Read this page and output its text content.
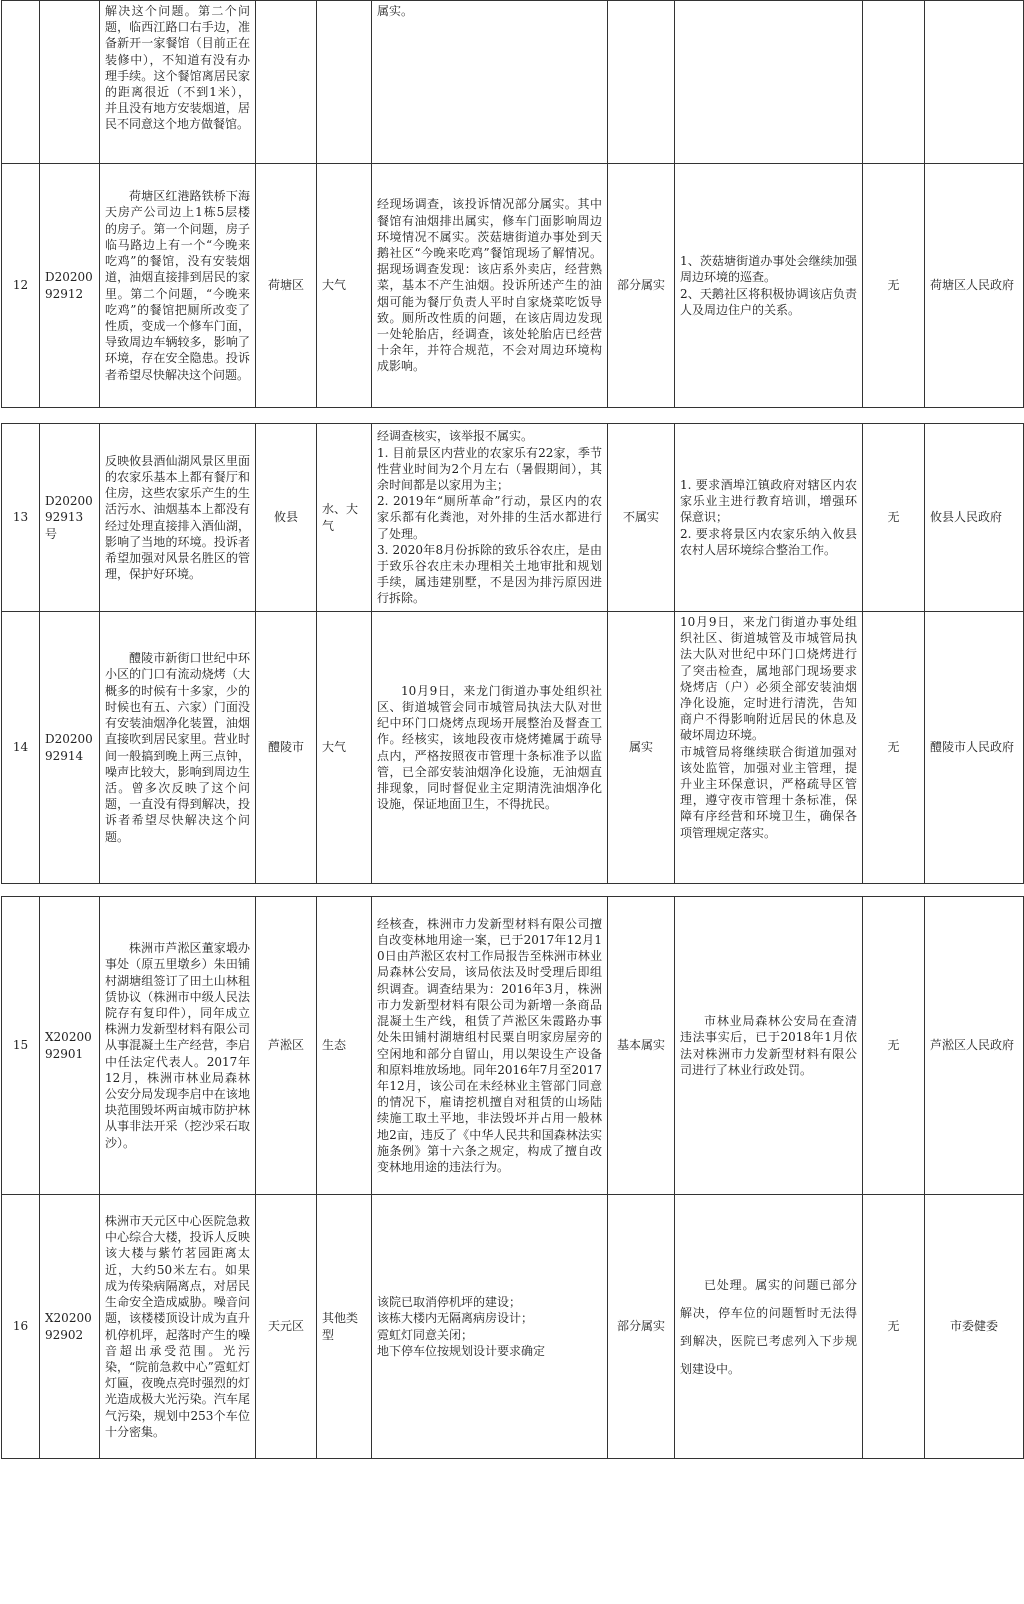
		解决这个问题。第二个问题，临西江路口右手边，准备新开一家餐馆（目前正在装修中），不知道有没有办理手续。这个餐馆离居民家的距离很近（不到1米），并且没有地方安装烟道，居民不同意这个地方做餐馆。			属实。				

12	D20200
92912	荷塘区红港路铁桥下海天房产公司边上1栋5层楼的房子。第一个问题，房子临马路边上有一个“今晚来吃鸡”的餐馆，没有安装烟道，油烟直接排到居民的家里。第二个问题，“今晚来吃鸡”的餐馆把厕所改变了性质，变成一个修车门面，导致周边车辆较多，影响了环境，存在安全隐患。投诉者希望尽快解决这个问题。	荷塘区	大气	经现场调查，该投诉情况部分属实。其中餐馆有油烟排出属实，修车门面影响周边环境情况不属实。茨菇塘街道办事处到天鹅社区“今晚来吃鸡”餐馆现场了解情况。据现场调查发现：该店系外卖店，经营熟菜，基本不产生油烟。投诉所述产生的油烟可能为餐厅负责人平时自家烧菜吃饭导致。厕所改性质的问题，在该店周边发现一处轮胎店，经调查，该处轮胎店已经营十余年，并符合规范，不会对周边环境构成影响。	部分属实	1、茨菇塘街道办事处会继续加强周边环境的巡查。
2、天鹅社区将积极协调该店负责人及周边住户的关系。	无	荷塘区人民政府
13	D20200
92913
号	反映攸县酒仙湖风景区里面的农家乐基本上都有餐厅和住房，这些农家乐产生的生活污水、油烟基本上都没有经过处理直接排入酒仙湖，影响了当地的环境。投诉者希望加强对风景名胜区的管理，保护好环境。	攸县	水、大气	经调查核实，该举报不属实。
1. 目前景区内营业的农家乐有22家，季节性营业时间为2个月左右（暑假期间），其余时间都是以家用为主；
2. 2019年“厕所革命”行动，景区内的农家乐都有化粪池，对外排的生活水都进行了处理。
3. 2020年8月份拆除的致乐谷农庄，是由于致乐谷农庄未办理相关土地审批和规划手续，属违建别墅，不是因为排污原因进行拆除。	不属实	1. 要求酒埠江镇政府对辖区内农家乐业主进行教育培训，增强环保意识；
2. 要求将景区内农家乐纳入攸县农村人居环境综合整治工作。	无	攸县人民政府
14	D20200
92914	醴陵市新街口世纪中环小区的门口有流动烧烤（大概多的时候有十多家，少的时候也有五、六家）门面没有安装油烟净化装置，油烟直接吹到居民家里。营业时间一般搞到晚上两三点钟，噪声比较大，影响到周边生活。曾多次反映了这个问题，一直没有得到解决，投诉者希望尽快解决这个问题。	醴陵市	大气	10月9日，来龙门街道办事处组织社区、街道城管会同市城管局执法大队对世纪中环门口烧烤点现场开展整治及督查工作。经核实，该地段夜市烧烤摊属于疏导点内，严格按照夜市管理十条标准予以监管，已全部安装油烟净化设施，无油烟直排现象，同时督促业主定期清洗油烟净化设施，保证地面卫生，不得扰民。	属实	10月9日，来龙门街道办事处组织社区、街道城管及市城管局执法大队对世纪中环门口烧烤进行了突击检查，属地部门现场要求烧烤店（户）必须全部安装油烟净化设施，定时进行清洗，告知商户不得影响附近居民的休息及破坏周边环境。
市城管局将继续联合街道加强对该处监管，加强对业主管理，提升业主环保意识，严格疏导区管理，遵守夜市管理十条标准，保障有序经营和环境卫生，确保各项管理规定落实。	无	醴陵市人民政府
15	X20200
92901	株洲市芦淞区董家塅办事处（原五里墩乡）朱田铺村湖塘组签订了田土山林租赁协议（株洲市中级人民法院存有复印件），同年成立株洲力发新型材料有限公司从事混凝土生产经营，李启中任法定代表人。2017年12月，株洲市林业局森林公安分局发现李启中在该地块范围毁坏两亩城市防护林从事非法开采（挖沙采石取沙）。	芦淞区	生态	经核查，株洲市力发新型材料有限公司擅自改变林地用途一案，已于2017年12月10日由芦淞区农村工作局报告至株洲市林业局森林公安局，该局依法及时受理后即组织调查。调查结果为：2016年3月，株洲市力发新型材料有限公司为新增一条商品混凝土生产线，租赁了芦淞区朱霞路办事处朱田铺村湖塘组村民粟自明家房屋旁的空闲地和部分自留山，用以架设生产设备和原料堆放场地。同年2016年7月至2017年12月，该公司在未经林业主管部门同意的情况下，雇请挖机擅自对租赁的山场陆续施工取土平地，非法毁坏并占用一般林地2亩，违反了《中华人民共和国森林法实施条例》第十六条之规定，构成了擅自改变林地用途的违法行为。	基本属实	市林业局森林公安局在查清违法事实后，已于2018年1月依法对株洲市力发新型材料有限公司进行了林业行政处罚。	无	芦淞区人民政府
16	X20200
92902	株洲市天元区中心医院急救中心综合大楼，投诉人反映该大楼与紫竹茗园距离太近，大约50米左右。如果成为传染病隔离点，对居民生命安全造成威胁。噪音问题，该楼楼顶设计成为直升机停机坪，起落时产生的噪音超出承受范围。光污染，“院前急救中心”霓虹灯灯匾，夜晚点亮时强烈的灯光造成极大光污染。汽车尾气污染，规划中253个车位十分密集。	天元区	其他类型	该院已取消停机坪的建设；
该栋大楼内无隔离病房设计；
霓虹灯同意关闭；
地下停车位按规划设计要求确定	部分属实	已处理。属实的问题已部分解决，停车位的问题暂时无法得到解决，医院已考虑列入下步规划建设中。	无	市委健委
